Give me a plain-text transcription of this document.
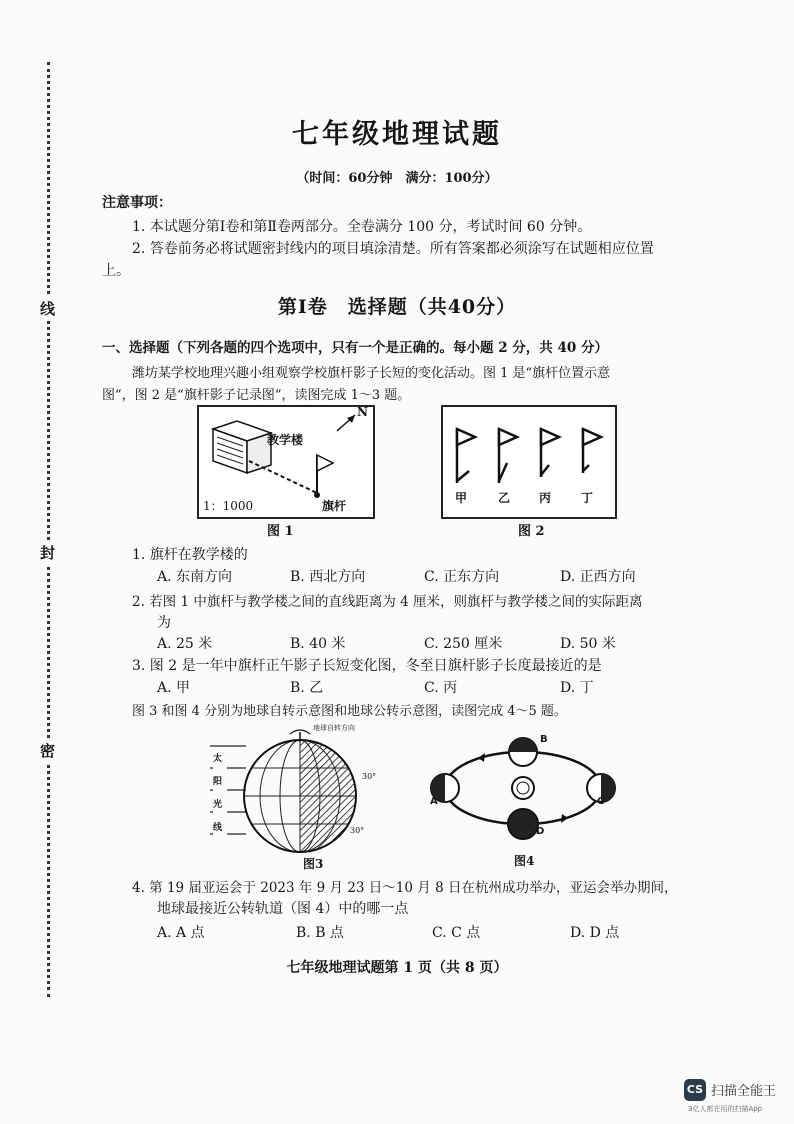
线
封
密
七年级地理试题
（时间：60分钟　满分：100分）
注意事项：
1. 本试题分第Ⅰ卷和第Ⅱ卷两部分。全卷满分 100 分，考试时间 60 分钟。
2. 答卷前务必将试题密封线内的项目填涂清楚。所有答案都必须涂写在试题相应位置
上。
第Ⅰ卷　选择题（共40分）
一、选择题（下列各题的四个选项中，只有一个是正确的。每小题 2 分，共 40 分）
潍坊某学校地理兴趣小组观察学校旗杆影子长短的变化活动。图 1 是“旗杆位置示意
图”，图 2 是“旗杆影子记录图”，读图完成 1～3 题。
教学楼
N
1：1000	旗杆
图 1
甲	乙 丙 丁
图 2
1. 旗杆在教学楼的
A. 东南方向	B. 西北方向	C. 正东方向	D. 正西方向
2. 若图 1 中旗杆与教学楼之间的直线距离为 4 厘米，则旗杆与教学楼之间的实际距离
为
A. 25 米	B. 40 米	C. 250 厘米	D. 50 米
3. 图 2 是一年中旗杆正午影子长短变化图，冬至日旗杆影子长度最接近的是
A. 甲	B. 乙	C. 丙	D. 丁
图 3 和图 4 分别为地球自转示意图和地球公转示意图，读图完成 4～5 题。
太
阳
光
线
地球自转方向
30°
30°
图3
B
A	C
D
图4
4. 第 19 届亚运会于 2023 年 9 月 23 日～10 月 8 日在杭州成功举办，亚运会举办期间，
地球最接近公转轨道（图 4）中的哪一点
A. A 点	B. B 点	C. C 点	D. D 点
七年级地理试题第 1 页（共 8 页）
CS 扫描全能王
3亿人都在用的扫描App
